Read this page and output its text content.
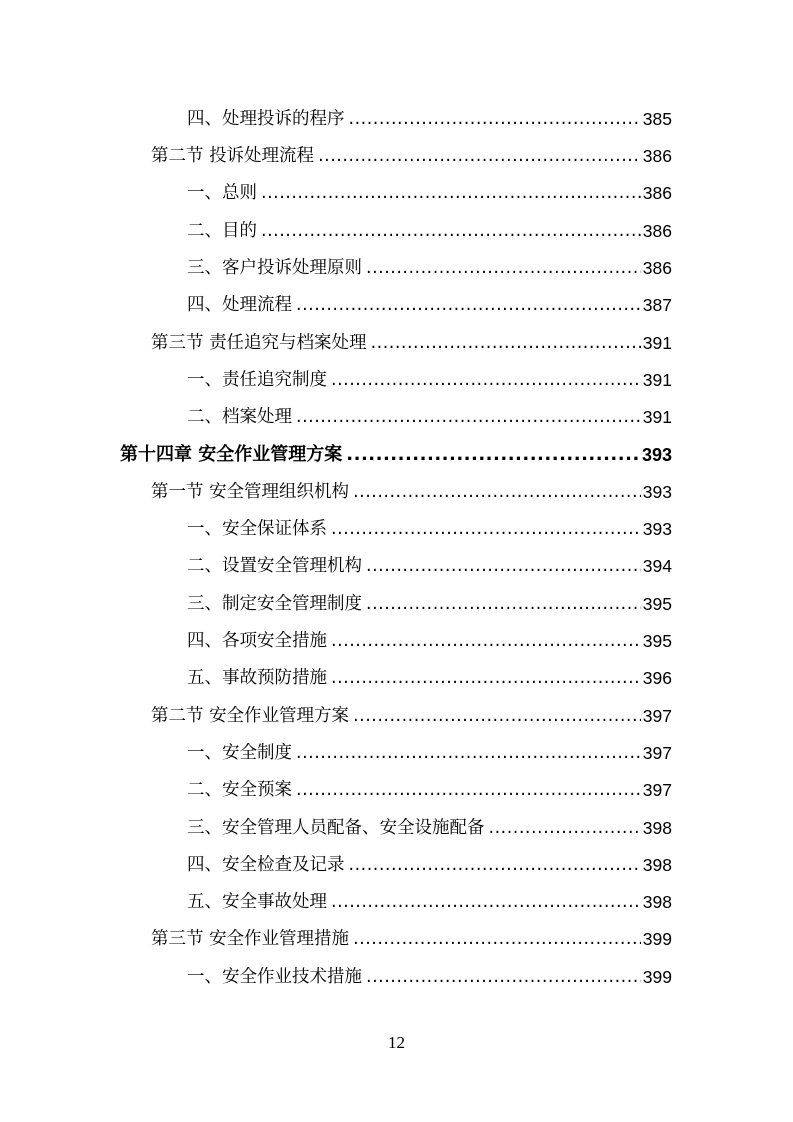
四、处理投诉的程序 .....	385
第二节 投诉处理流程 .....	386
一、总则 .....	386
二、目的 .....	386
三、客户投诉处理原则 .....	386
四、处理流程 .....	387
第三节 责任追究与档案处理 .....	391
一、责任追究制度 .....	391
二、档案处理 .....	391
第十四章 安全作业管理方案 .....	393
第一节 安全管理组织机构 .....	393
一、安全保证体系 .....	393
二、设置安全管理机构 .....	394
三、制定安全管理制度 .....	395
四、各项安全措施 .....	395
五、事故预防措施 .....	396
第二节 安全作业管理方案 .....	397
一、安全制度 .....	397
二、安全预案 .....	397
三、安全管理人员配备、安全设施配备 .....	398
四、安全检查及记录 .....	398
五、安全事故处理 .....	398
第三节 安全作业管理措施 .....	399
一、安全作业技术措施 .....	399
12
